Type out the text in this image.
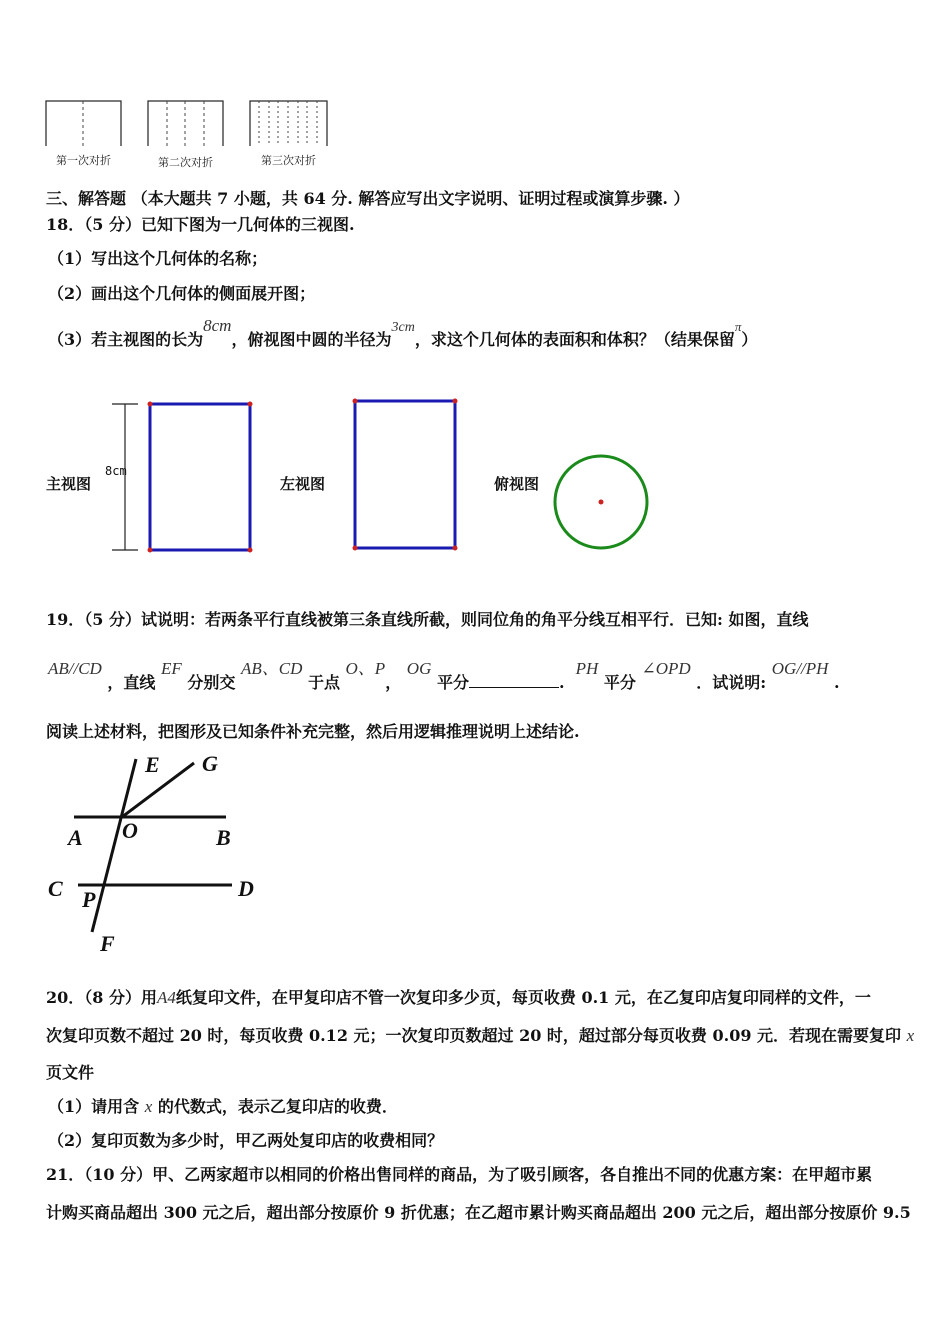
第一次对折	第二次对折	第三次对折
三、解答题 （本大题共 7 小题，共 64 分. 解答应写出文字说明、证明过程或演算步骤. ）
18．（5 分）已知下图为一几何体的三视图.
（1）写出这个几何体的名称；
（2）画出这个几何体的侧面展开图；
（3）若主视图的长为8cm，俯视图中圆的半径为3cm，求这个几何体的表面积和体积？（结果保留$^\pi$）
主视图
8cm
左视图	俯视图
19．（5 分）试说明：若两条平行直线被第三条直线所截，则同位角的角平分线互相平行．已知: 如图，直线
AB//CD ，直线 EF 分别交 AB、CD 于点 O、P， OG 平分	.  PH 平分 ∠OPD ．试说明: OG//PH .
阅读上述材料，把图形及已知条件补充完整，然后用逻辑推理说明上述结论.
E G
A O	B
C P	D
F
20．（8 分）用A4纸复印文件，在甲复印店不管一次复印多少页，每页收费 0.1 元，在乙复印店复印同样的文件，一
次复印页数不超过 20 时，每页收费 0.12 元；一次复印页数超过 20 时，超过部分每页收费 0.09 元．若现在需要复印 x
页文件
（1）请用含 x 的代数式，表示乙复印店的收费．
（2）复印页数为多少时，甲乙两处复印店的收费相同？
21．（10 分）甲、乙两家超市以相同的价格出售同样的商品，为了吸引顾客，各自推出不同的优惠方案：在甲超市累
计购买商品超出 300 元之后，超出部分按原价 9 折优惠；在乙超市累计购买商品超出 200 元之后，超出部分按原价 9.5
